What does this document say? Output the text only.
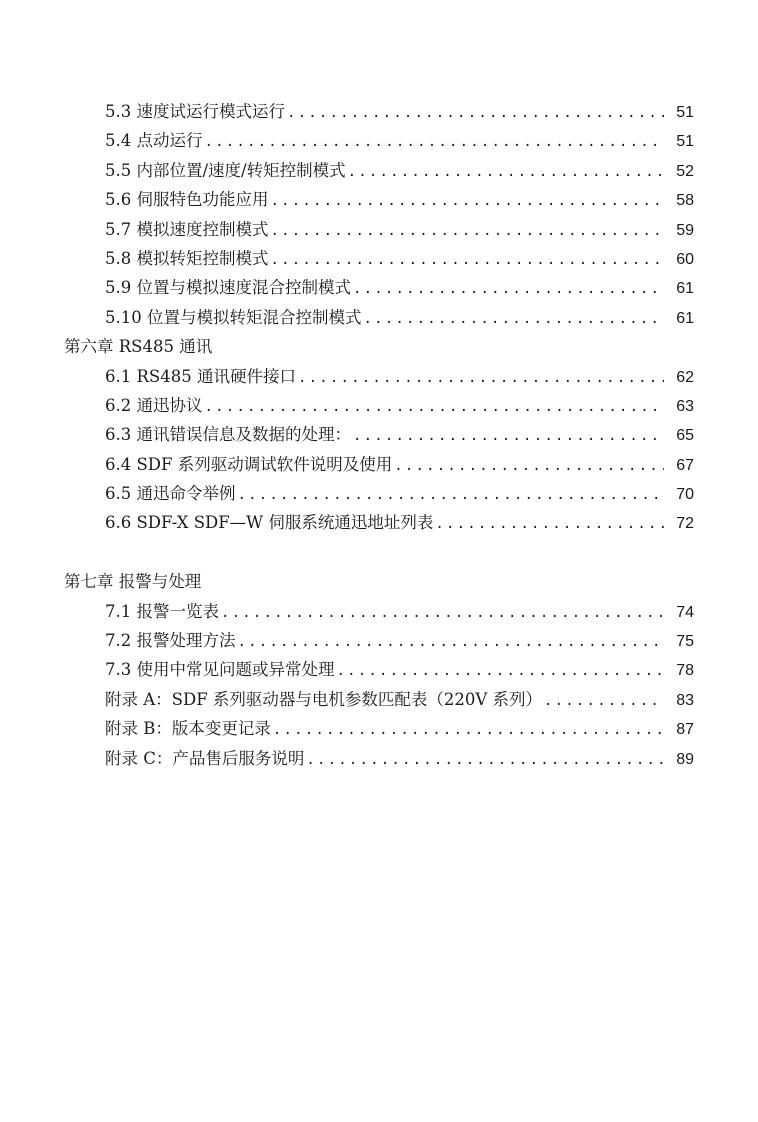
5.3 速度试运行模式运行 .....	51
5.4 点动运行 .....	51
5.5 内部位置/速度/转矩控制模式 .....	52
5.6 伺服特色功能应用 .....	58
5.7 模拟速度控制模式 .....	59
5.8 模拟转矩控制模式 .....	60
5.9 位置与模拟速度混合控制模式 .....	61
5.10 位置与模拟转矩混合控制模式 .....	61
第六章 RS485 通讯
6.1 RS485 通讯硬件接口 .....	62
6.2 通迅协议 .....	63
6.3 通讯错误信息及数据的处理： .....	65
6.4 SDF 系列驱动调试软件说明及使用 .....	67
6.5 通迅命令举例 .....	70
6.6 SDF-X SDF—W 伺服系统通迅地址列表 .....	72
第七章 报警与处理
7.1 报警一览表 .....	74
7.2 报警处理方法 .....	75
7.3 使用中常见问题或异常处理 .....	78
附录 A：SDF 系列驱动器与电机参数匹配表（220V 系列） .....	83
附录 B：版本变更记录 .....	87
附录 C：产品售后服务说明 .....	89
